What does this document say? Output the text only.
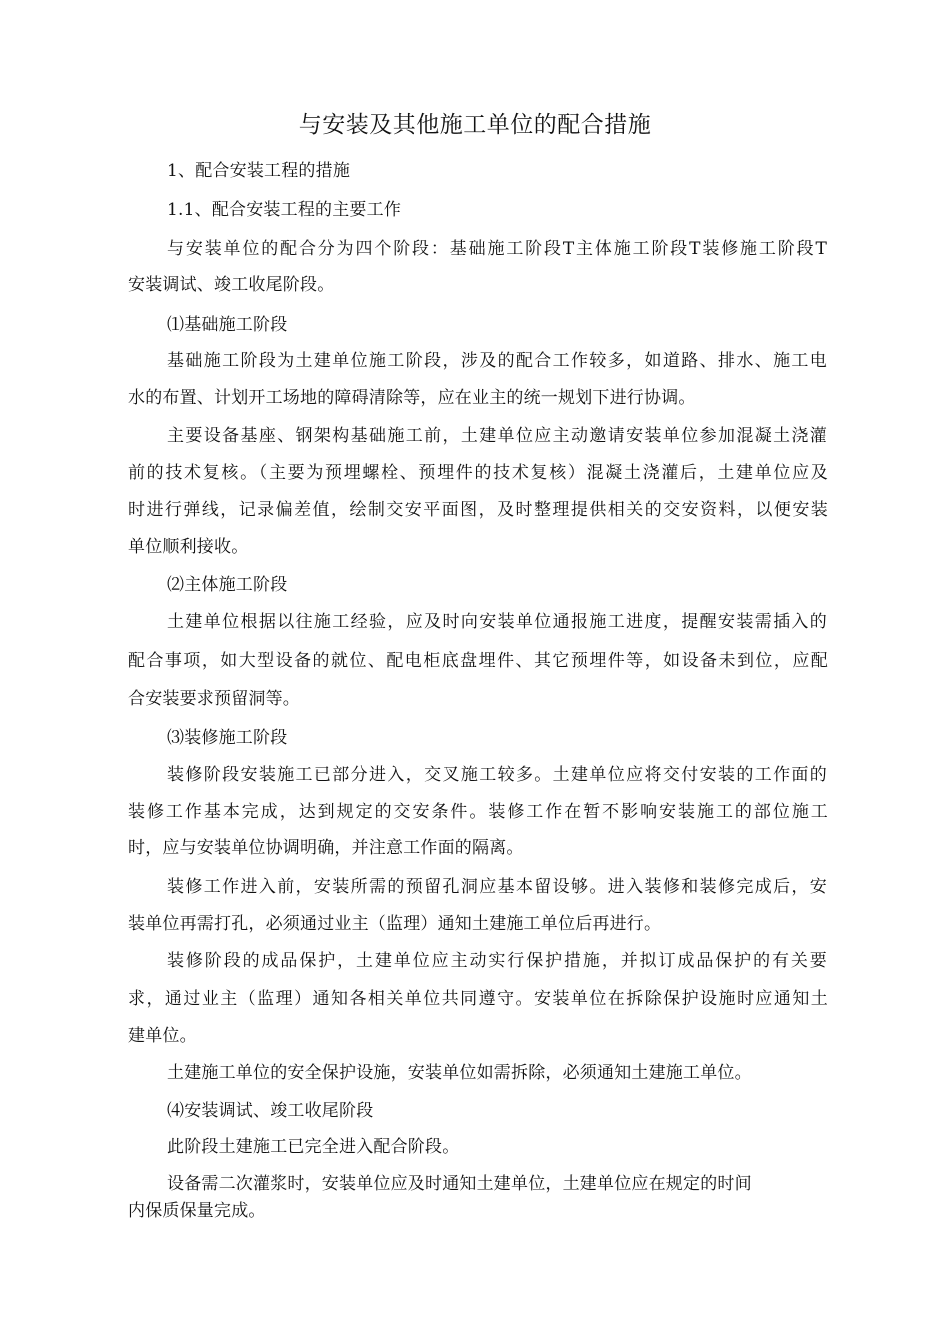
与安装及其他施工单位的配合措施
1、配合安装工程的措施
1.1、配合安装工程的主要工作
与安装单位的配合分为四个阶段：基础施工阶段T主体施工阶段T装修施工阶段T
安装调试、竣工收尾阶段。
⑴基础施工阶段
基础施工阶段为土建单位施工阶段，涉及的配合工作较多，如道路、排水、施工电
水的布置、计划开工场地的障碍清除等，应在业主的统一规划下进行协调。
主要设备基座、钢架构基础施工前，土建单位应主动邀请安装单位参加混凝土浇灌
前的技术复核。（主要为预埋螺栓、预埋件的技术复核）混凝土浇灌后，土建单位应及
时进行弹线，记录偏差值，绘制交安平面图，及时整理提供相关的交安资料，以便安装
单位顺利接收。
⑵主体施工阶段
土建单位根据以往施工经验，应及时向安装单位通报施工进度，提醒安装需插入的
配合事项，如大型设备的就位、配电柜底盘埋件、其它预埋件等，如设备未到位，应配
合安装要求预留洞等。
⑶装修施工阶段
装修阶段安装施工已部分进入，交叉施工较多。土建单位应将交付安装的工作面的
装修工作基本完成，达到规定的交安条件。装修工作在暂不影响安装施工的部位施工
时，应与安装单位协调明确，并注意工作面的隔离。
装修工作进入前，安装所需的预留孔洞应基本留设够。进入装修和装修完成后，安
装单位再需打孔，必须通过业主（监理）通知土建施工单位后再进行。
装修阶段的成品保护，土建单位应主动实行保护措施，并拟订成品保护的有关要
求，通过业主（监理）通知各相关单位共同遵守。安装单位在拆除保护设施时应通知土
建单位。
土建施工单位的安全保护设施，安装单位如需拆除，必须通知土建施工单位。
⑷安装调试、竣工收尾阶段
此阶段土建施工已完全进入配合阶段。
设备需二次灌浆时，安装单位应及时通知土建单位，土建单位应在规定的时间
内保质保量完成。
